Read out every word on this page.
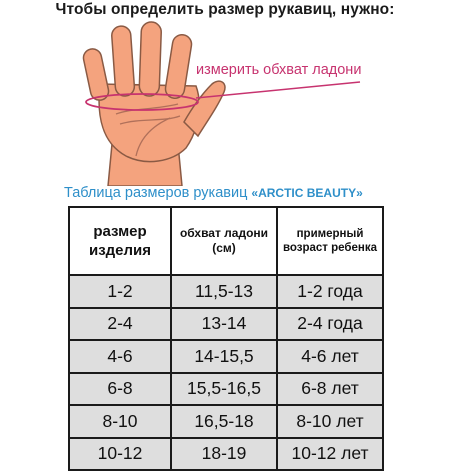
Чтобы определить размер рукавиц, нужно:
измерить обхват ладони
Таблица размеров рукавиц «ARCTIC BEAUTY»
размер изделия	обхват ладони (см)	примерный возраст ребенка
1-2	11,5-13	1-2 года
2-4	13-14	2-4 года
4-6	14-15,5	4-6 лет
6-8	15,5-16,5	6-8 лет
8-10	16,5-18	8-10 лет
10-12	18-19	10-12 лет
